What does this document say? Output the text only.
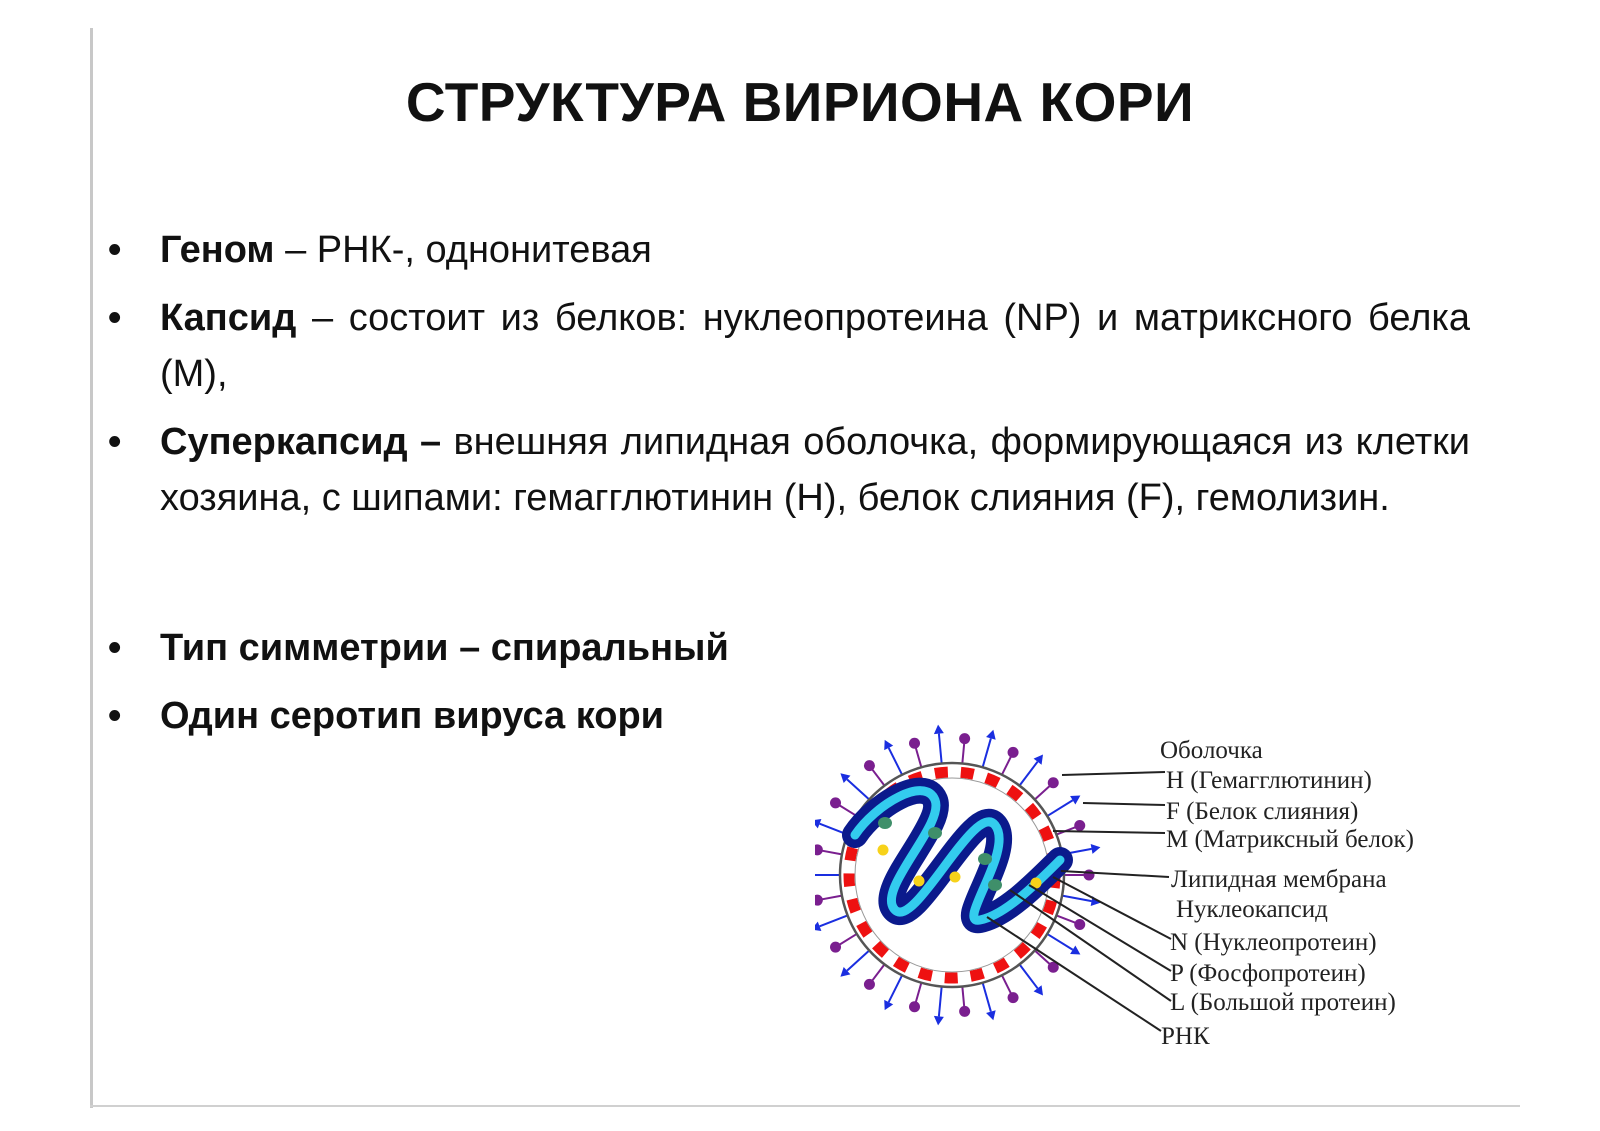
СТРУКТУРА ВИРИОНА КОРИ
• Геном – РНК-, однонитевая
• Капсид – состоит из белков: нуклеопротеина (NP) и матриксного белка (M),
• Суперкапсид – внешняя липидная оболочка, формирующаяся из клетки хозяина, с шипами: гемагглютинин (H), белок слияния (F), гемолизин.
• Тип симметрии – спиральный
• Один серотип вируса кори
Оболочка
H (Гемагглютинин)
F (Белок слияния)
M (Матриксный белок)
Липидная мембрана
Нуклеокапсид
N (Нуклеопротеин)
P (Фосфопротеин)
L (Большой протеин)
РНК
